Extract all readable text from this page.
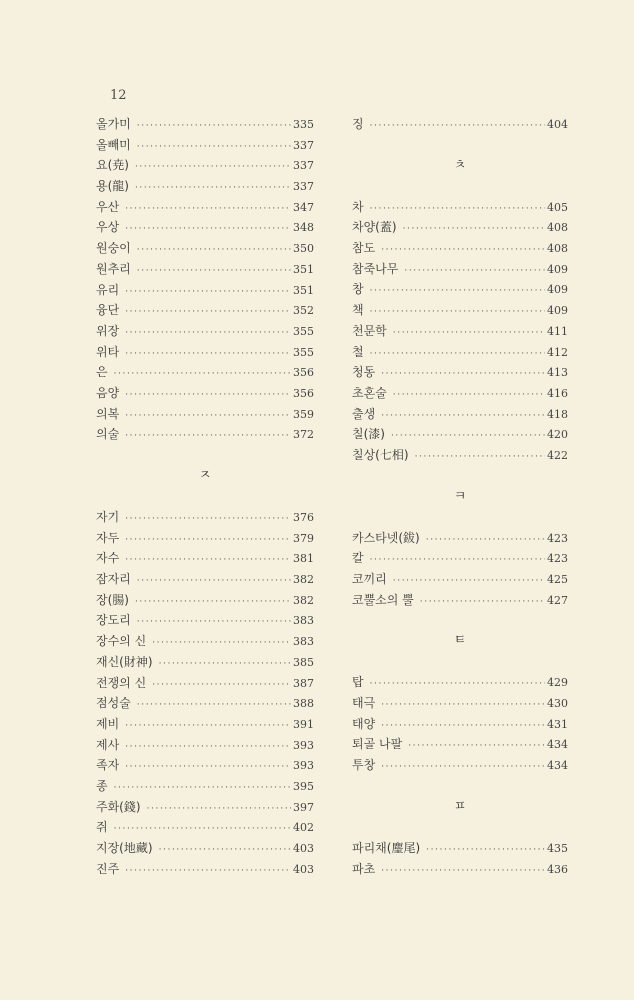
12
올가미 ·····	335
올빼미 ·····	337
요(尭) ·····	337
용(龍) ·····	337
우산 ·····	347
우상 ·····	348
원숭이 ·····	350
원추리 ·····	351
유리 ·····	351
융단 ·····	352
위장 ·····	355
위타 ·····	355
은 ·····	356
음양 ·····	356
의복 ·····	359
의술 ·····	372
ㅈ
자기 ·····	376
자두 ·····	379
자수 ·····	381
잠자리 ·····	382
장(腸) ·····	382
장도리 ·····	383
장수의 신 ·····	383
재신(財神) ·····	385
전쟁의 신 ·····	387
점성술 ·····	388
제비 ·····	391
제사 ·····	393
족자 ·····	393
종 ·····	395
주화(錢) ·····	397
쥐 ·····	402
지장(地藏) ·····	403
진주 ·····	403
징 ·····	404
ㅊ
차 ·····	405
차양(蓋) ·····	408
참도 ·····	408
참죽나무 ·····	409
창 ·····	409
책 ·····	409
천문학 ·····	411
철 ·····	412
청동 ·····	413
초혼술 ·····	416
출생 ·····	418
칠(漆) ·····	420
칠상(七相) ·····	422
ㅋ
카스타넷(鈸) ·····	423
칼 ·····	423
코끼리 ·····	425
코뿔소의 뿔 ·····	427
ㅌ
탑 ·····	429
태극 ·····	430
태양 ·····	431
퇴골 나팔 ·····	434
투창 ·····	434
ㅍ
파리채(麈尾) ·····	435
파초 ·····	436
